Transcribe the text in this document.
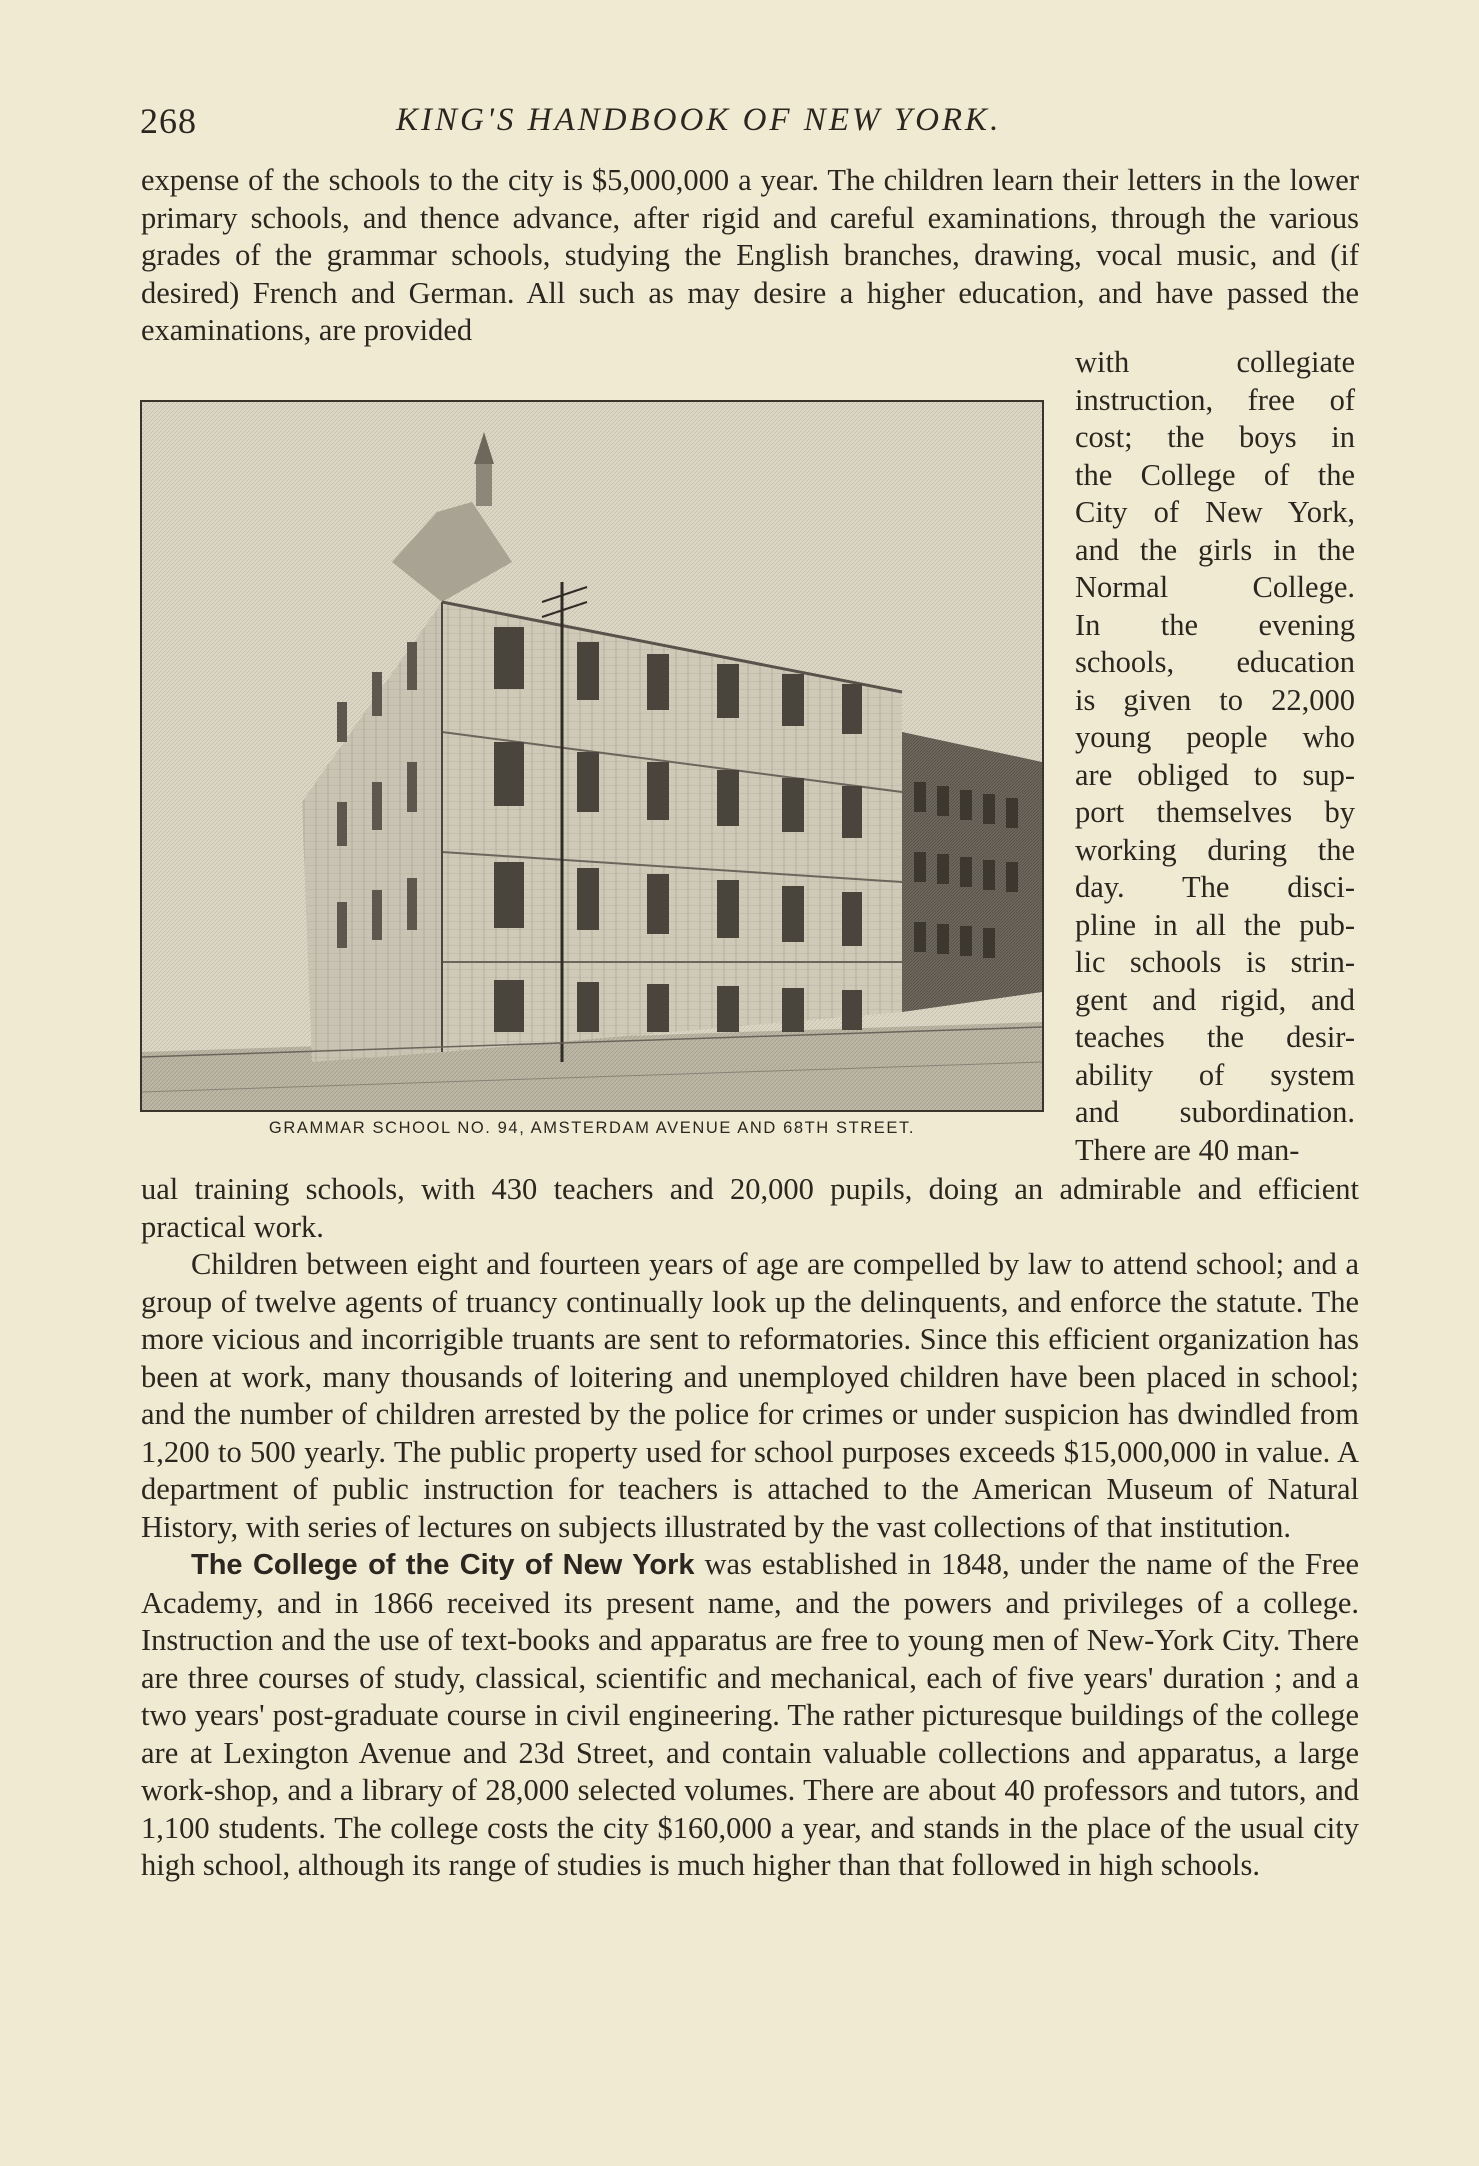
268	KING'S HANDBOOK OF NEW YORK.

expense of the schools to the city is $5,000,000 a year. The children learn their letters in the lower primary schools, and thence advance, after rigid and careful examinations, through the various grades of the grammar schools, studying the English branches, drawing, vocal music, and (if desired) French and German. All such as may desire a higher education, and have passed the examinations, are provided

with collegiate
instruction, free of
cost; the boys in
the College of the
City of New York,
and the girls in the
Normal College.
In the evening
schools, education
is given to 22,000
young people who
are obliged to sup-
port themselves by
working during the
day. The disci-
pline in all the pub-
lic schools is strin-
gent and rigid, and
teaches the desir-
ability of system
and subordination.
There are 40 man-
GRAMMAR SCHOOL NO. 94, AMSTERDAM AVENUE AND 68TH STREET.

ual training schools, with 430 teachers and 20,000 pupils, doing an admirable and efficient practical work.

Children between eight and fourteen years of age are compelled by law to attend school; and a group of twelve agents of truancy continually look up the delinquents, and enforce the statute. The more vicious and incorrigible truants are sent to reformatories. Since this efficient organization has been at work, many thousands of loitering and unemployed children have been placed in school; and the number of children arrested by the police for crimes or under suspicion has dwindled from 1,200 to 500 yearly. The public property used for school purposes exceeds $15,000,000 in value. A department of public instruction for teachers is attached to the American Museum of Natural History, with series of lectures on subjects illustrated by the vast collections of that institution.

The College of the City of New York was established in 1848, under the name of the Free Academy, and in 1866 received its present name, and the powers and privileges of a college. Instruction and the use of text-books and apparatus are free to young men of New-York City. There are three courses of study, classical, scientific and mechanical, each of five years' duration ; and a two years' post-graduate course in civil engineering. The rather picturesque buildings of the college are at Lexington Avenue and 23d Street, and contain valuable collections and apparatus, a large work-shop, and a library of 28,000 selected volumes. There are about 40 professors and tutors, and 1,100 students. The college costs the city $160,000 a year, and stands in the place of the usual city high school, although its range of studies is much higher than that followed in high schools.
